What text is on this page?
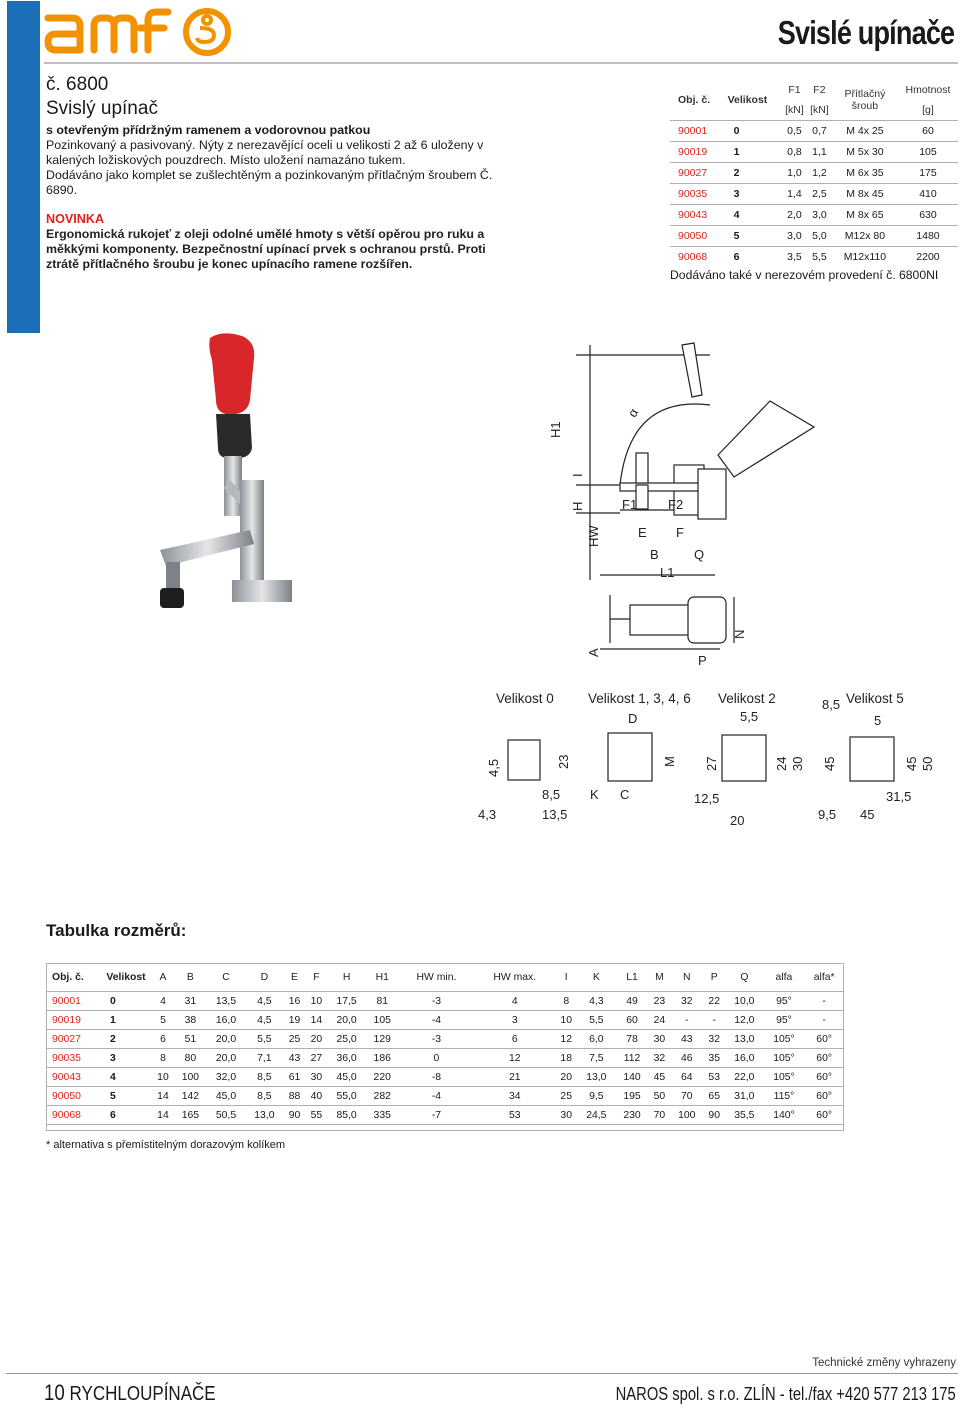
Svislé upínače
č. 6800
Svislý upínač
s otevřeným přídržným ramenem a vodorovnou patkou
Pozinkovaný a pasivovaný. Nýty z nerezavějící oceli u velikosti 2 až 6 uloženy v kalených ložiskových pouzdrech. Místo uložení namazáno tukem.
Dodáváno jako komplet se zušlechtěným a pozinkovaným přítlačným šroubem Č. 6890.
NOVINKA
Ergonomická rukojeť z oleji odolné umělé hmoty s větší opěrou pro ruku a měkkými komponenty. Bezpečnostní upínací prvek s ochranou prstů. Proti ztrátě přítlačného šroubu je konec upínacího ramene rozšířen.
Obj. č.	Velikost	F1	F2	Přítlačný šroub	Hmotnost
		[kN]	[kN]		[g]
90001	0	0,5	0,7	M 4x 25	60
90019	1	0,8	1,1	M 5x 30	105
90027	2	1,0	1,2	M 6x 35	175
90035	3	1,4	2,5	M 8x 45	410
90043	4	2,0	3,0	M 8x 65	630
90050	5	3,0	5,0	M12x 80	1480
90068	6	3,5	5,5	M12x110	2200
Dodáváno také v nerezovém provedení č. 6800NI
H1
α
I
H
HW
F1 F2
E F
B	Q
L1
A
N
P
Velikost 0	Velikost 1, 3, 4, 6 Velikost 2	Velikost 5
4,5	23
8,5
4,3	13,5
D
M
K C
5,5
27	24 30
12,5
20
8,5
5
45	45 50
31,5
9,5 45
Tabulka rozměrů:
Obj. č.	Velikost	A	B	C	D	E	F	H	H1	HW min.	HW max.	I	K	L1	M	N	P	Q	alfa	alfa*
90001	0	4	31	13,5	4,5	16	10	17,5	81	-3	4	8	4,3	49	23	32	22	10,0	95°	-
90019	1	5	38	16,0	4,5	19	14	20,0	105	-4	3	10	5,5	60	24	-	-	12,0	95°	-
90027	2	6	51	20,0	5,5	25	20	25,0	129	-3	6	12	6,0	78	30	43	32	13,0	105°	60°
90035	3	8	80	20,0	7,1	43	27	36,0	186	0	12	18	7,5	112	32	46	35	16,0	105°	60°
90043	4	10	100	32,0	8,5	61	30	45,0	220	-8	21	20	13,0	140	45	64	53	22,0	105°	60°
90050	5	14	142	45,0	8,5	88	40	55,0	282	-4	34	25	9,5	195	50	70	65	31,0	115°	60°
90068	6	14	165	50,5	13,0	90	55	85,0	335	-7	53	30	24,5	230	70	100	90	35,5	140°	60°
* alternativa s přemístitelným dorazovým kolíkem
Technické změny vyhrazeny
10 RYCHLOUPÍNAČE	NAROS spol. s r.o. ZLÍN - tel./fax +420 577 213 175
